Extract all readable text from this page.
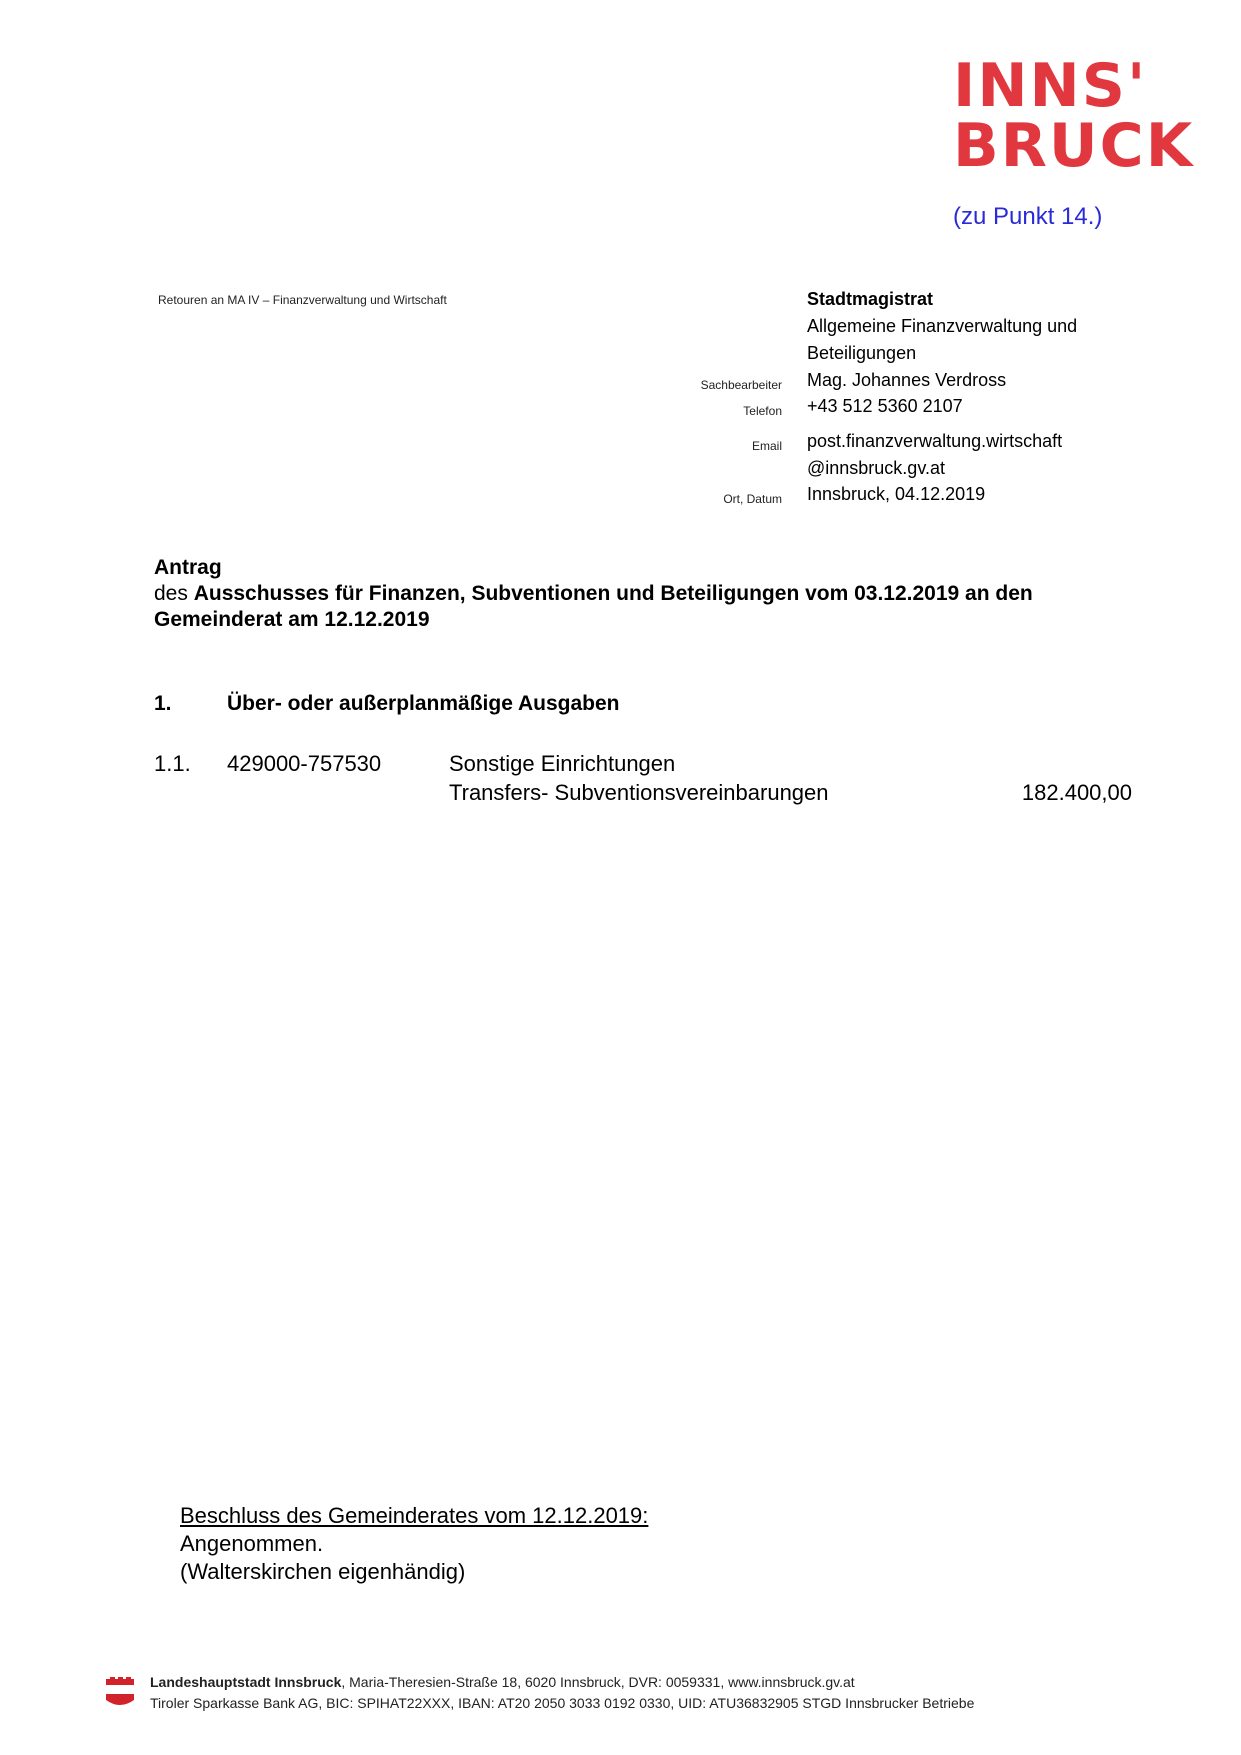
INNS'
BRUCK
(zu Punkt 14.)
Retouren an MA IV – Finanzverwaltung und Wirtschaft	Stadtmagistrat
Allgemeine Finanzverwaltung und
Beteiligungen
Sachbearbeiter Mag. Johannes Verdross
Telefon +43 512 5360 2107
Email post.finanzverwaltung.wirtschaft
@innsbruck.gv.at
Ort, Datum Innsbruck, 04.12.2019
Antrag
des Ausschusses für Finanzen, Subventionen und Beteiligungen vom 03.12.2019 an den
Gemeinderat am 12.12.2019
1.	Über- oder außerplanmäßige Ausgaben
1.1. 429000-757530	Sonstige Einrichtungen
Transfers- Subventionsvereinbarungen	182.400,00
Beschluss des Gemeinderates vom 12.12.2019:
Angenommen.
(Walterskirchen eigenhändig)
Landeshauptstadt Innsbruck, Maria-Theresien-Straße 18, 6020 Innsbruck, DVR: 0059331, www.innsbruck.gv.at
Tiroler Sparkasse Bank AG, BIC: SPIHAT22XXX, IBAN: AT20 2050 3033 0192 0330, UID: ATU36832905 STGD Innsbrucker Betriebe
